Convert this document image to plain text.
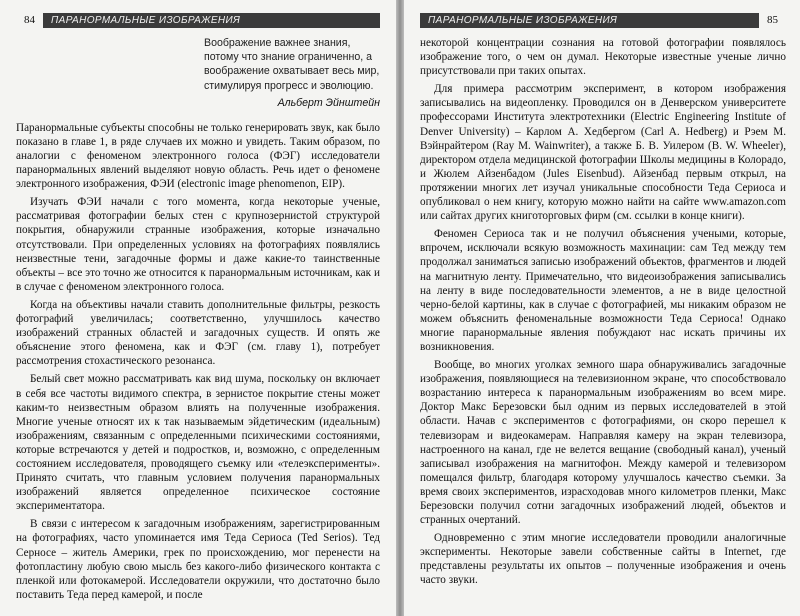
84	ПАРАНОРМАЛЬНЫЕ ИЗОБРАЖЕНИЯ
Воображение важнее знания, потому что знание ограниченно, а воображение охватывает весь мир, стимулируя прогресс и эволюцию.
Альберт Эйнштейн

Паранормальные субъекты способны не только генерировать звук, как было показано в главе 1, в ряде случаев их можно и увидеть. Таким образом, по аналогии с феноменом электронного голоса (ФЭГ) исследователи паранормальных явлений выделяют новую область. Речь идет о феномене электронного изображения, ФЭИ (electronic image phenomenon, EIP).

Изучать ФЭИ начали с того момента, когда некоторые ученые, рассматривая фотографии белых стен с крупнозернистой структурой покрытия, обнаружили странные изображения, которые изначально отсутствовали. При определенных условиях на фотографиях появлялись неизвестные тени, загадочные формы и даже какие-то таинственные объекты – все это точно же относится к паранормальным источникам, как и в случае с феноменом электронного голоса.

Когда на объективы начали ставить дополнительные фильтры, резкость фотографий увеличилась; соответственно, улучшилось качество изображений странных областей и загадочных существ. И опять же объяснение этого феномена, как и ФЭГ (см. главу 1), потребует рассмотрения стохастического резонанса.

Белый свет можно рассматривать как вид шума, поскольку он включает в себя все частоты видимого спектра, в зернистое покрытие стены может каким-то неизвестным образом влиять на полученные изображения. Многие ученые относят их к так называемым эйдетическим (идеальным) изображениям, связанным с определенными психическими состояниями, которые встречаются у детей и подростков, и, возможно, с определенным состоянием исследователя, проводящего съемку или «телеэксперименты». Принято считать, что главным условием получения паранормальных изображений является определенное психическое состояние экспериментатора.

В связи с интересом к загадочным изображениям, зарегистрированным на фотографиях, часто упоминается имя Теда Сериоса (Ted Serios). Тед Серносе – житель Америки, грек по происхождению, мог перенести на фотопластину любую свою мысль без какого-либо физического контакта с пленкой или фотокамерой. Исследователи окружили, что достаточно было поставить Теда перед камерой, и после

ПАРАНОРМАЛЬНЫЕ ИЗОБРАЖЕНИЯ	85

некоторой концентрации сознания на готовой фотографии появлялось изображение того, о чем он думал. Некоторые известные ученые лично присутствовали при таких опытах.

Для примера рассмотрим эксперимент, в котором изображения записывались на видеопленку. Проводился он в Денверском университете профессорами Института электротехники (Electric Engineering Institute of Denver University) – Карлом А. Хедбергом (Carl A. Hedberg) и Рэем М. Вэйнрайтером (Ray M. Wainwriter), а также Б. В. Уилером (B. W. Wheeler), директором отдела медицинской фотографии Школы медицины в Колорадо, и Жюлем Айзенбадом (Jules Eisenbud). Айзенбад первым открыл, на протяжении многих лет изучал уникальные способности Теда Сериоса и опубликовал о нем книгу, которую можно найти на сайте www.amazon.com или сайтах других книготорговых фирм (см. ссылки в конце книги).

Феномен Сериоса так и не получил объяснения учеными, которые, впрочем, исключали всякую возможность махинации: сам Тед между тем продолжал заниматься записью изображений объектов, фрагментов и людей на магнитную ленту. Примечательно, что видеоизображения записывались на ленту в виде последовательности элементов, а не в виде целостной черно-белой картины, как в случае с фотографией, мы никаким образом не можем объяснить феноменальные возможности Теда Сериоса! Однако многие паранормальные явления побуждают нас искать причины их возникновения.

Вообще, во многих уголках земного шара обнаруживались загадочные изображения, появляющиеся на телевизионном экране, что способствовало возрастанию интереса к паранормальным изображениям во всем мире. Доктор Макс Березовски был одним из первых исследователей в этой области. Начав с экспериментов с фотографиями, он скоро перешел к телевизорам и видеокамерам. Направляя камеру на экран телевизора, настроенного на канал, где не велется вещание (свободный канал), ученый записывал изображения на магнитофон. Между камерой и телевизором помещался фильтр, благодаря которому улучшалось качество съемки. За время своих экспериментов, израсходовав много километров пленки, Макс Березовски получил сотни загадочных изображений людей, объектов и странных очертаний.

Одновременно с этим многие исследователи проводили аналогичные эксперименты. Некоторые завели собственные сайты в Internet, где представлены результаты их опытов – полученные изображения и очень часто звуки.
